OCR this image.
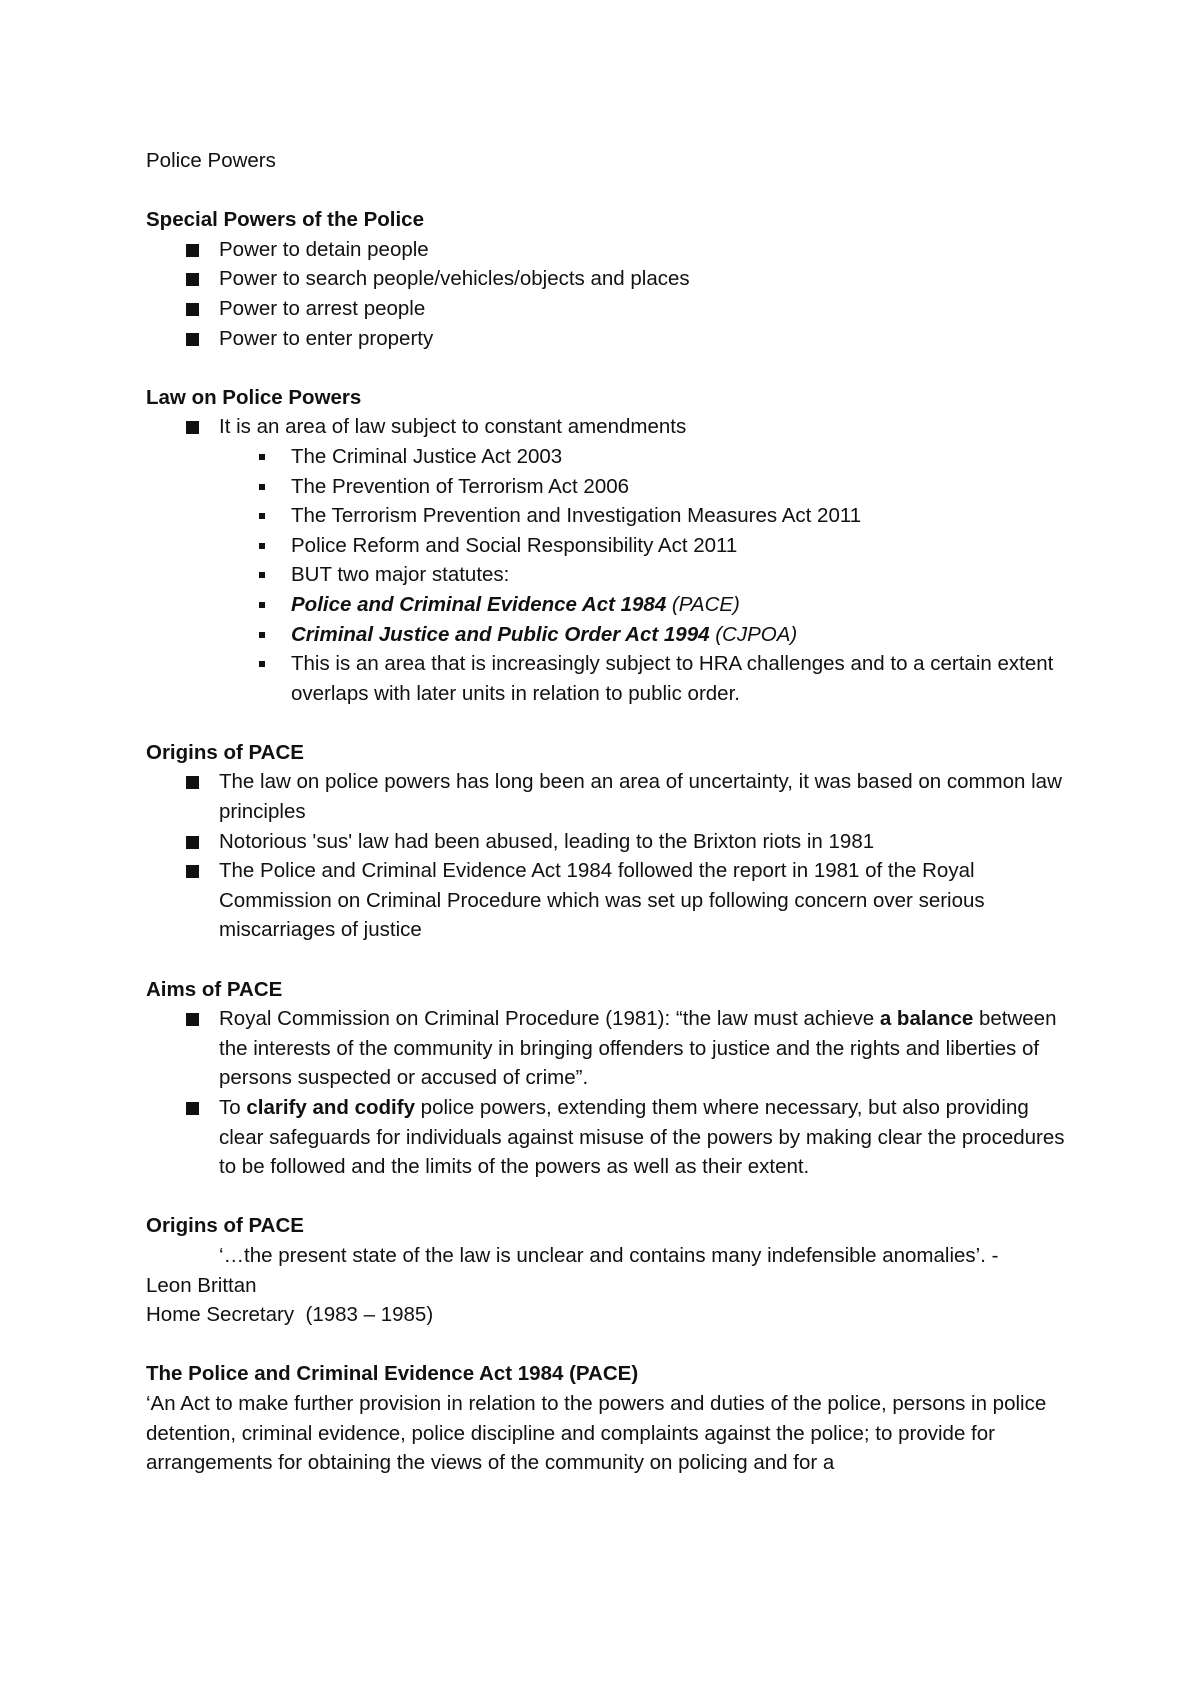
Police Powers

Special Powers of the Police

Power to detain people

Power to search people/vehicles/objects and places

Power to arrest people

Power to enter property

Law on Police Powers

It is an area of law subject to constant amendments

The Criminal Justice Act 2003

The Prevention of Terrorism Act 2006

The Terrorism Prevention and Investigation Measures Act 2011

Police Reform and Social Responsibility Act 2011

BUT two major statutes:

Police and Criminal Evidence Act 1984 (PACE)

Criminal Justice and Public Order Act 1994 (CJPOA)

This is an area that is increasingly subject to HRA challenges and to a certain extent overlaps with later units in relation to public order.

Origins of PACE

The law on police powers has long been an area of uncertainty, it was based on common law principles

Notorious 'sus' law had been abused, leading to the Brixton riots in 1981

The Police and Criminal Evidence Act 1984 followed the report in 1981 of the Royal Commission on Criminal Procedure which was set up following concern over serious miscarriages of justice

Aims of PACE

Royal Commission on Criminal Procedure (1981): “the law must achieve a balance between the interests of the community in bringing offenders to justice and the rights and liberties of persons suspected or accused of crime”.

To clarify and codify police powers, extending them where necessary, but also providing clear safeguards for individuals against misuse of the powers by making clear the procedures to be followed and the limits of the powers as well as their extent.

Origins of PACE

‘…the present state of the law is unclear and contains many indefensible anomalies’. -

Leon Brittan

Home Secretary  (1983 – 1985)

The Police and Criminal Evidence Act 1984 (PACE)

‘An Act to make further provision in relation to the powers and duties of the police, persons in police detention, criminal evidence, police discipline and complaints against the police; to provide for arrangements for obtaining the views of the community on policing and for a
